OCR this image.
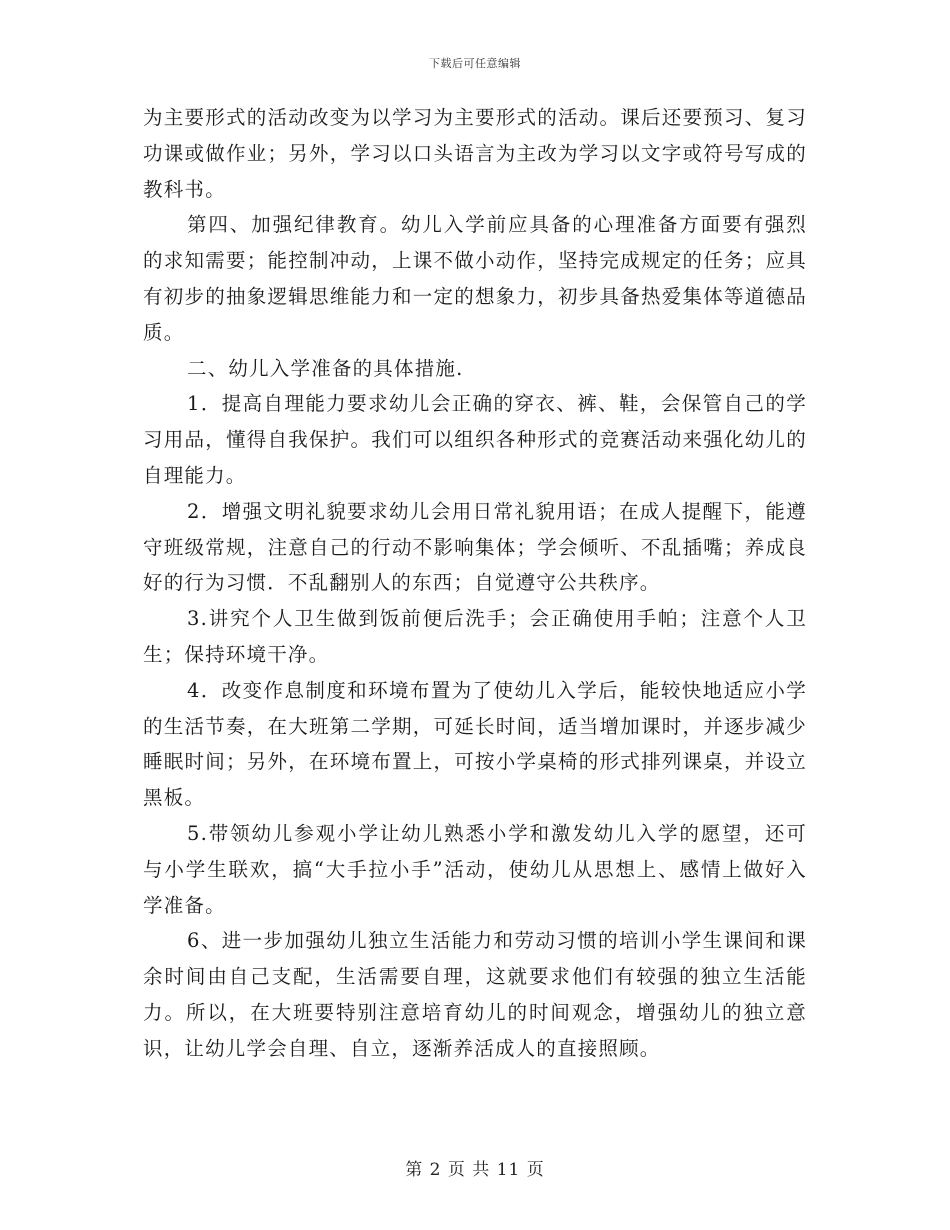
下载后可任意编辑

为主要形式的活动改变为以学习为主要形式的活动。课后还要预习、复习功课或做作业；另外，学习以口头语言为主改为学习以文字或符号写成的教科书。

第四、加强纪律教育。幼儿入学前应具备的心理准备方面要有强烈的求知需要；能控制冲动，上课不做小动作，坚持完成规定的任务；应具有初步的抽象逻辑思维能力和一定的想象力，初步具备热爱集体等道德品质。

二、幼儿入学准备的具体措施.

1．提高自理能力要求幼儿会正确的穿衣、裤、鞋，会保管自己的学习用品，懂得自我保护。我们可以组织各种形式的竞赛活动来强化幼儿的自理能力。

2．增强文明礼貌要求幼儿会用日常礼貌用语；在成人提醒下，能遵守班级常规，注意自己的行动不影响集体；学会倾听、不乱插嘴；养成良好的行为习惯．不乱翻别人的东西；自觉遵守公共秩序。

3.讲究个人卫生做到饭前便后洗手；会正确使用手帕；注意个人卫生；保持环境干净。

4．改变作息制度和环境布置为了使幼儿入学后，能较快地适应小学的生活节奏，在大班第二学期，可延长时间，适当增加课时，并逐步减少睡眠时间；另外，在环境布置上，可按小学桌椅的形式排列课桌，并设立黑板。

5.带领幼儿参观小学让幼儿熟悉小学和激发幼儿入学的愿望，还可与小学生联欢，搞“大手拉小手”活动，使幼儿从思想上、感情上做好入学准备。

6、进一步加强幼儿独立生活能力和劳动习惯的培训小学生课间和课余时间由自己支配，生活需要自理，这就要求他们有较强的独立生活能力。所以，在大班要特别注意培育幼儿的时间观念，增强幼儿的独立意识，让幼儿学会自理、自立，逐渐养活成人的直接照顾。

第 2 页 共 11 页
